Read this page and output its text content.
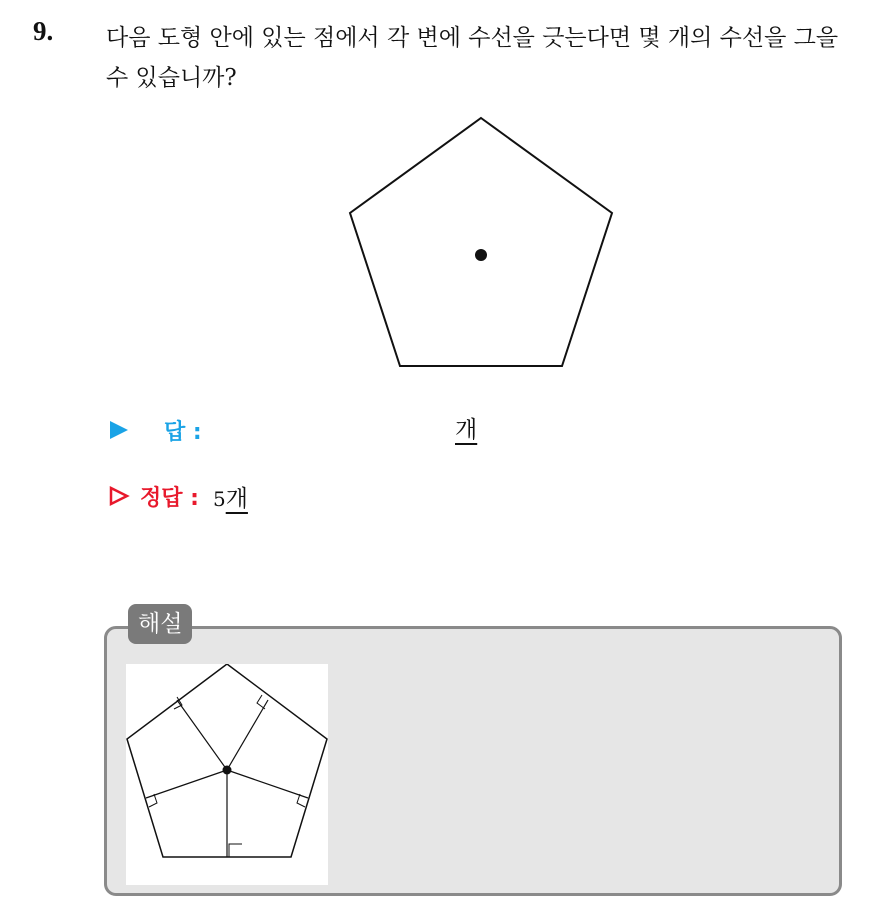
9. 다음 도형 안에 있는 점에서 각 변에 수선을 긋는다면 몇 개의 수선을 그을 수 있습니까?
답 :	개
정답 : 5개
해설
